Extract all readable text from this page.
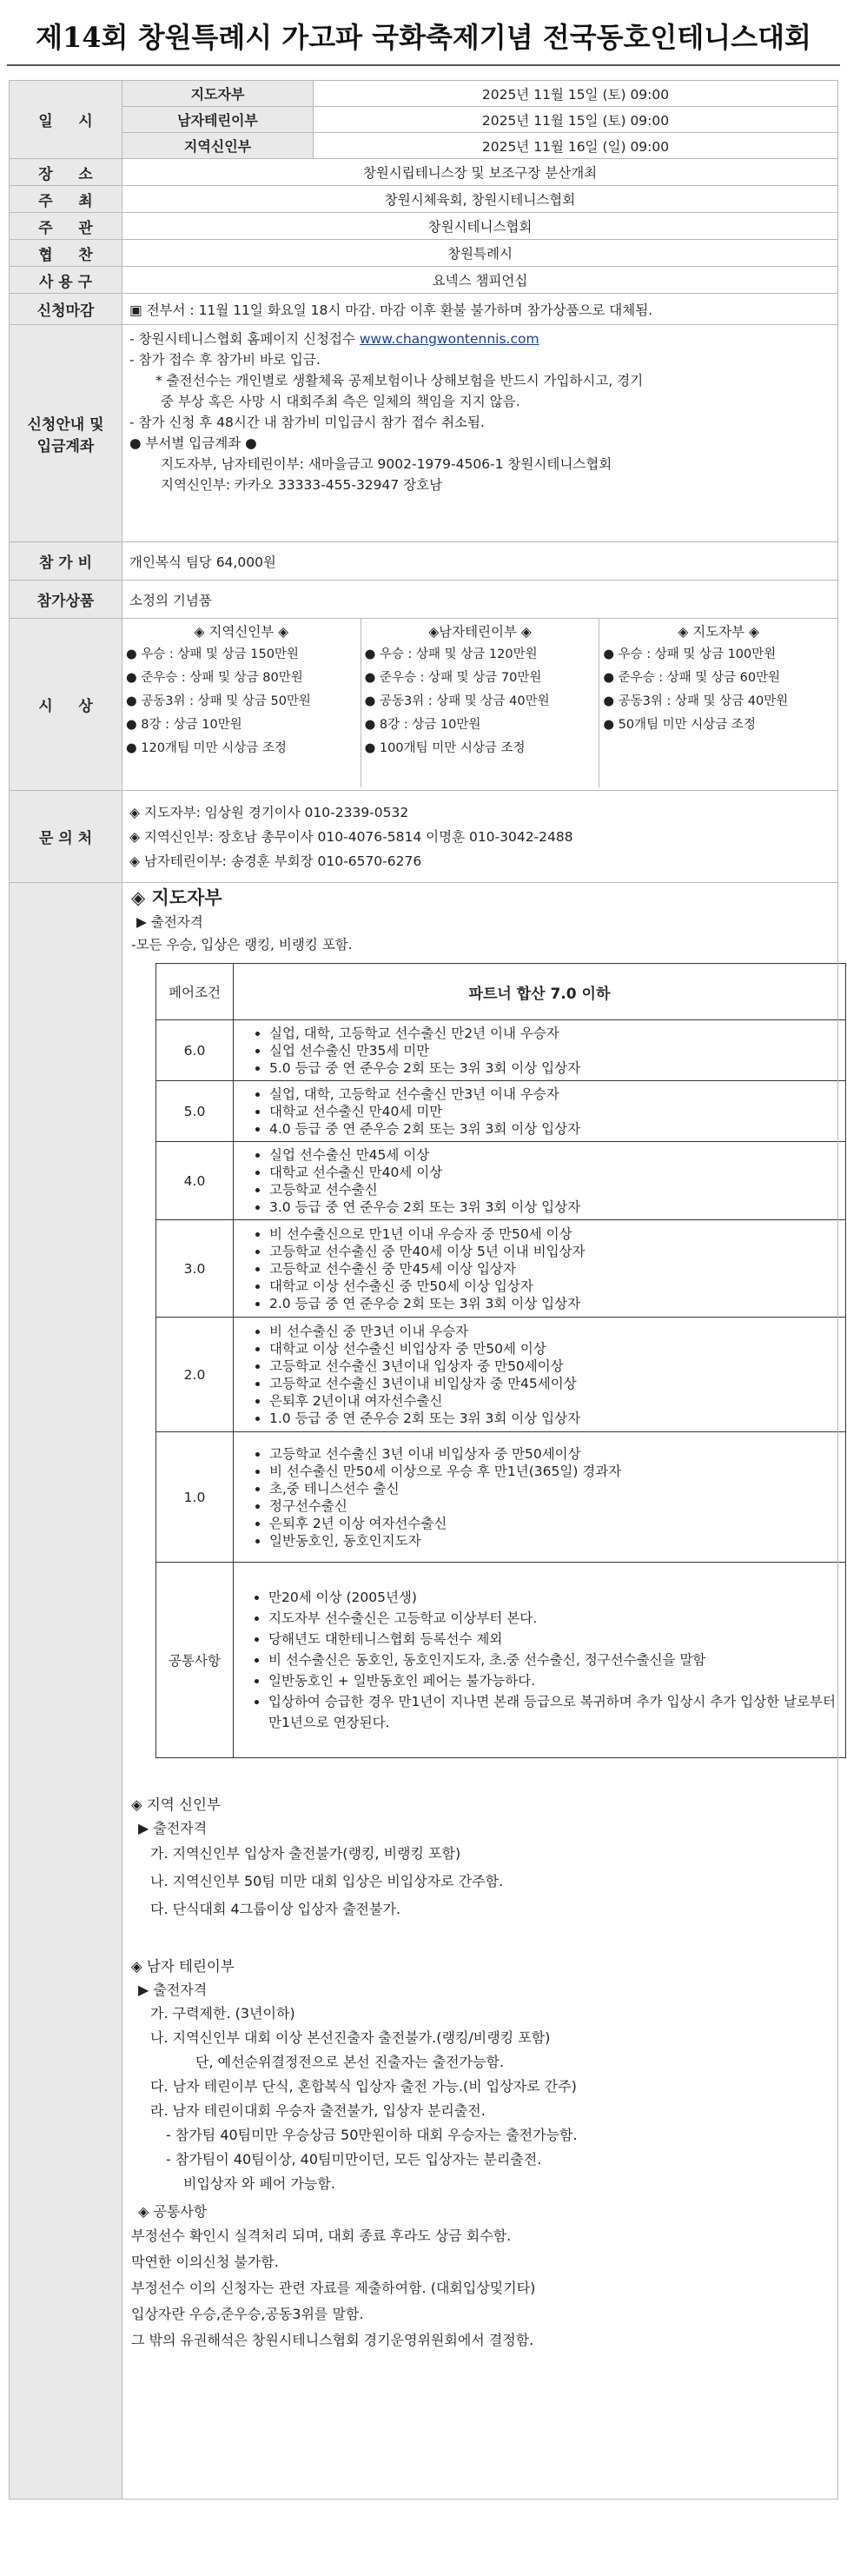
제14회 창원특례시 가고파 국화축제기념 전국동호인테니스대회
일     시	지도자부	2025년 11월 15일 (토) 09:00
남자테린이부	2025년 11월 15일 (토) 09:00
지역신인부	2025년 11월 16일 (일) 09:00
장     소	창원시립테니스장 및 보조구장 분산개최
주     최	창원시체육회, 창원시테니스협회
주     관	창원시테니스협회
협     찬	창원특례시
사 용 구	요넥스 챔피언십
신청마감	▣ 전부서 : 11월 11일 화요일 18시 마감. 마감 이후 환불 불가하며 참가상품으로 대체됨.

신청안내 및
입금계좌

- 창원시테니스협회 홈페이지 신청접수 www.changwontennis.com
- 참가 접수 후 참가비 바로 입금.
* 출전선수는 개인별로 생활체육 공제보험이나 상해보험을 반드시 가입하시고, 경기
중 부상 혹은 사망 시 대회주최 측은 일체의 책임을 지지 않음.
- 참가 신청 후 48시간 내 참가비 미입금시 참가 접수 취소됨.
● 부서별 입금계좌 ●
지도자부, 남자테린이부: 새마을금고 9002-1979-4506-1 창원시테니스협회
지역신인부: 카카오 33333-455-32947 장호남

참 가 비	개인복식 팀당 64,000원
참가상품	소정의 기념품
시     상	
◈ 지역신인부 ◈
● 우승 : 상패 및 상금 150만원
● 준우승 : 상패 및 상금 80만원
● 공동3위 : 상패 및 상금 50만원
● 8강 : 상금 10만원
● 120개팀 미만 시상금 조정
◈남자테린이부 ◈
● 우승 : 상패 및 상금 120만원
● 준우승 : 상패 및 상금 70만원
● 공동3위 : 상패 및 상금 40만원
● 8강 : 상금 10만원
● 100개팀 미만 시상금 조정
◈ 지도자부 ◈
● 우승 : 상패 및 상금 100만원
● 준우승 : 상패 및 상금 60만원
● 공동3위 : 상패 및 상금 40만원
● 50개팀 미만 시상금 조정

문 의 처	
◈ 지도자부: 임상원 경기이사 010-2339-0532
◈ 지역신인부: 장호남 총무이사 010-4076-5814 이명훈 010-3042-2488
◈ 남자테린이부: 송경훈 부회장 010-6570-6276

◈ 지도자부
▶ 출전자격
-모든 우승, 입상은 랭킹, 비랭킹 포함.
페어조건	파트너 합산 7.0 이하
6.0	
• 실업, 대학, 고등학교 선수출신 만2년 이내 우승자
• 실업 선수출신 만35세 미만
• 5.0 등급 중 연 준우승 2회 또는 3위 3회 이상 입상자

5.0	
• 실업, 대학, 고등학교 선수출신 만3년 이내 우승자
• 대학교 선수출신 만40세 미만
• 4.0 등급 중 연 준우승 2회 또는 3위 3회 이상 입상자

4.0	
• 실업 선수출신 만45세 이상
• 대학교 선수출신 만40세 이상
• 고등학교 선수출신
• 3.0 등급 중 연 준우승 2회 또는 3위 3회 이상 입상자

3.0	
• 비 선수출신으로 만1년 이내 우승자 중 만50세 이상
• 고등학교 선수출신 중 만40세 이상 5년 이내 비입상자
• 고등학교 선수출신 중 만45세 이상 입상자
• 대학교 이상 선수출신 중 만50세 이상 입상자
• 2.0 등급 중 연 준우승 2회 또는 3위 3회 이상 입상자

2.0	
• 비 선수출신 중 만3년 이내 우승자
• 대학교 이상 선수출신 비입상자 중 만50세 이상
• 고등학교 선수출신 3년이내 입상자 중 만50세이상
• 고등학교 선수출신 3년이내 비입상자 중 만45세이상
• 은퇴후 2년이내 여자선수출신
• 1.0 등급 중 연 준우승 2회 또는 3위 3회 이상 입상자

1.0	
• 고등학교 선수출신 3년 이내 비입상자 중 만50세이상
• 비 선수출신 만50세 이상으로 우승 후 만1년(365일) 경과자
• 초,중 테니스선수 출신
• 정구선수출신
• 은퇴후 2년 이상 여자선수출신
• 일반동호인, 동호인지도자

공통사항	
• 만20세 이상 (2005년생)
• 지도자부 선수출신은 고등학교 이상부터 본다.
• 당해년도 대한테니스협회 등록선수 제외
• 비 선수출신은 동호인, 동호인지도자, 초.중 선수출신, 정구선수출신을 말함
• 일반동호인 + 일반동호인 페어는 불가능하다.
• 입상하여 승급한 경우 만1년이 지나면 본래 등급으로 복귀하며 추가 입상시 추가 입상한 날로부터 만1년으로 연장된다.
◈ 지역 신인부
▶ 출전자격
가. 지역신인부 입상자 출전불가(랭킹, 비랭킹 포함)
나. 지역신인부 50팀 미만 대회 입상은 비입상자로 간주함.
다. 단식대회 4그룹이상 입상자 출전불가.
◈ 남자 테린이부
▶ 출전자격
가. 구력제한. (3년이하)
나. 지역신인부 대회 이상 본선진출자 출전불가.(랭킹/비랭킹 포함)
단, 예선순위결정전으로 본선 진출자는 출전가능함.
다. 남자 테린이부 단식, 혼합복식 입상자 출전 가능.(비 입상자로 간주)
라. 남자 테린이대회 우승자 출전불가, 입상자 분리출전.
- 참가팀 40팀미만 우승상금 50만원이하 대회 우승자는 출전가능함.
- 참가팀이 40팀이상, 40팀미만이던, 모든 입상자는 분리출전.
비입상자 와 페어 가능함.
◈ 공통사항
부정선수 확인시 실격처리 되며, 대회 종료 후라도 상금 회수함.
막연한 이의신청 불가함.
부정선수 이의 신청자는 관련 자료를 제출하여함. (대회입상및기타)
입상자란 우승,준우승,공동3위를 말함.
그 밖의 유권해석은 창원시테니스협회 경기운영위원회에서 결정함.
